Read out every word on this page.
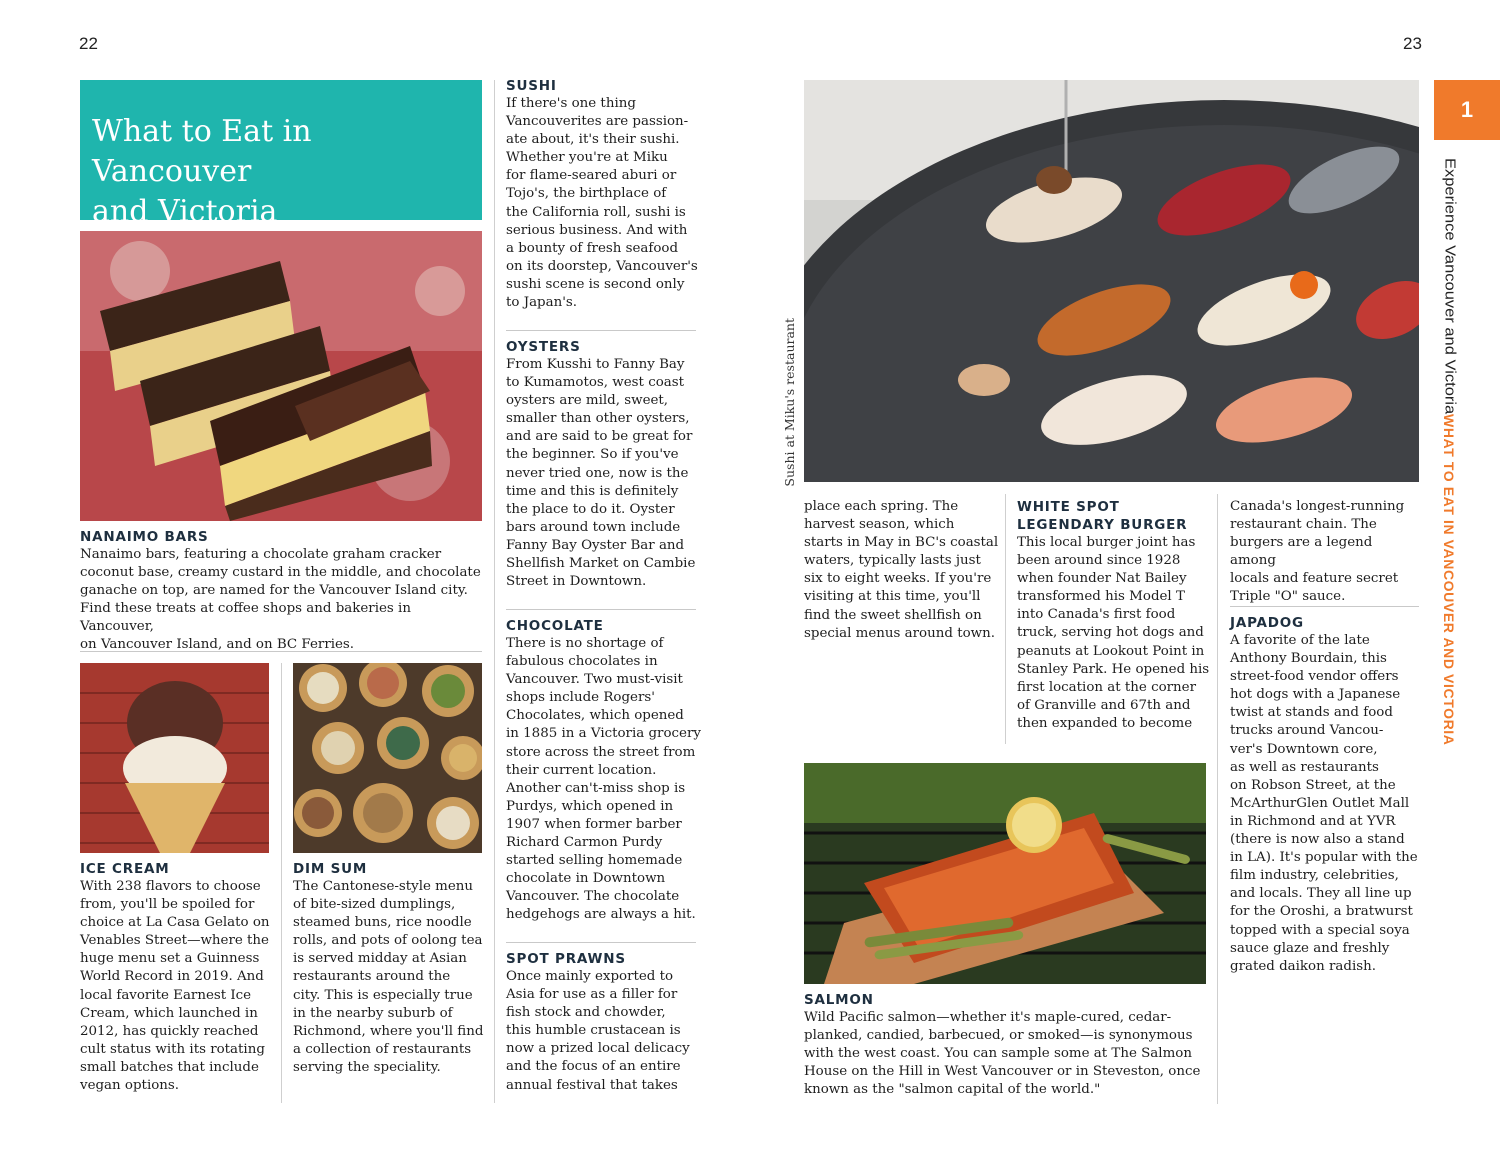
22	23
What to Eat in Vancouver
and Victoria

NANAIMO BARS

Nanaimo bars, featuring a chocolate graham cracker

coconut base, creamy custard in the middle, and chocolate

ganache on top, are named for the Vancouver Island city.

Find these treats at coffee shops and bakeries in Vancouver,

on Vancouver Island, and on BC Ferries.

ICE CREAM

With 238 flavors to choose

from, you'll be spoiled for

choice at La Casa Gelato on

Venables Street—where the

huge menu set a Guinness

World Record in 2019. And

local favorite Earnest Ice

Cream, which launched in

2012, has quickly reached

cult status with its rotating

small batches that include

vegan options.

DIM SUM

The Cantonese-style menu

of bite-sized dumplings,

steamed buns, rice noodle

rolls, and pots of oolong tea

is served midday at Asian

restaurants around the

city. This is especially true

in the nearby suburb of

Richmond, where you'll find

a collection of restaurants

serving the speciality.

SUSHI

If there's one thing

Vancouverites are passion-

ate about, it's their sushi.

Whether you're at Miku

for flame-seared aburi or

Tojo's, the birthplace of

the California roll, sushi is

serious business. And with

a bounty of fresh seafood

on its doorstep, Vancouver's

sushi scene is second only

to Japan's.

OYSTERS

From Kusshi to Fanny Bay

to Kumamotos, west coast

oysters are mild, sweet,

smaller than other oysters,

and are said to be great for

the beginner. So if you've

never tried one, now is the

time and this is definitely

the place to do it. Oyster

bars around town include

Fanny Bay Oyster Bar and

Shellfish Market on Cambie

Street in Downtown.

CHOCOLATE

There is no shortage of

fabulous chocolates in

Vancouver. Two must-visit

shops include Rogers'

Chocolates, which opened

in 1885 in a Victoria grocery

store across the street from

their current location.

Another can't-miss shop is

Purdys, which opened in

1907 when former barber

Richard Carmon Purdy

started selling homemade

chocolate in Downtown

Vancouver. The chocolate

hedgehogs are always a hit.

SPOT PRAWNS

Once mainly exported to

Asia for use as a filler for

fish stock and chowder,

this humble crustacean is

now a prized local delicacy

and the focus of an entire

annual festival that takes

Sushi at Miku's restaurant

place each spring. The

harvest season, which

starts in May in BC's coastal

waters, typically lasts just

six to eight weeks. If you're

visiting at this time, you'll

find the sweet shellfish on

special menus around town.

WHITE SPOT

LEGENDARY BURGER

This local burger joint has

been around since 1928

when founder Nat Bailey

transformed his Model T

into Canada's first food

truck, serving hot dogs and

peanuts at Lookout Point in

Stanley Park. He opened his

first location at the corner

of Granville and 67th and

then expanded to become

Canada's longest-running

restaurant chain. The

burgers are a legend among

locals and feature secret

Triple "O" sauce.

JAPADOG

A favorite of the late

Anthony Bourdain, this

street-food vendor offers

hot dogs with a Japanese

twist at stands and food

trucks around Vancou-

ver's Downtown core,

as well as restaurants

on Robson Street, at the

McArthurGlen Outlet Mall

in Richmond and at YVR

(there is now also a stand

in LA). It's popular with the

film industry, celebrities,

and locals. They all line up

for the Oroshi, a bratwurst

topped with a special soya

sauce glaze and freshly

grated daikon radish.

SALMON

Wild Pacific salmon—whether it's maple-cured, cedar-

planked, candied, barbecued, or smoked—is synonymous

with the west coast. You can sample some at The Salmon

House on the Hill in West Vancouver or in Steveston, once

known as the "salmon capital of the world."

1
Experience Vancouver and Victoria
WHAT TO EAT IN VANCOUVER AND VICTORIA
